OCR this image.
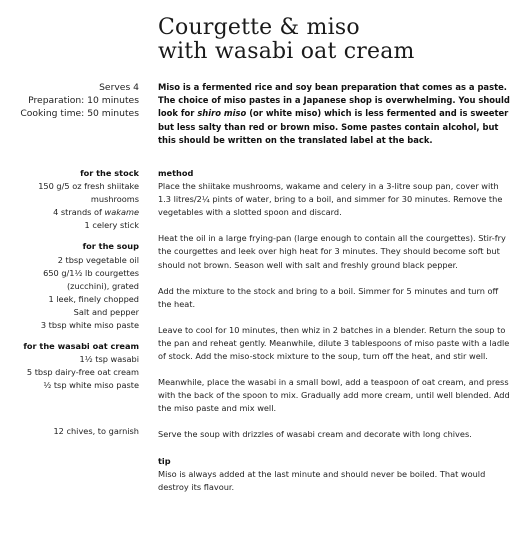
Courgette & miso
with wasabi oat cream
Serves 4
Preparation: 10 minutes
Cooking time: 50 minutes
Miso is a fermented rice and soy bean preparation that comes as a paste. The choice of miso pastes in a Japanese shop is overwhelming. You should look for shiro miso (or white miso) which is less fermented and is sweeter but less salty than red or brown miso. Some pastes contain alcohol, but this should be written on the translated label at the back.
for the stock
150 g/5 oz fresh shiitake
mushrooms
4 strands of wakame
1 celery stick
for the soup
2 tbsp vegetable oil
650 g/1½ lb courgettes
(zucchini), grated
1 leek, finely chopped
Salt and pepper
3 tbsp white miso paste
for the wasabi oat cream
1½ tsp wasabi
5 tbsp dairy-free oat cream
½ tsp white miso paste
12 chives, to garnish
method

Place the shiitake mushrooms, wakame and celery in a 3-litre soup pan, cover with 1.3 litres/2¼ pints of water, bring to a boil, and simmer for 30 minutes. Remove the vegetables with a slotted spoon and discard.

Heat the oil in a large frying-pan (large enough to contain all the courgettes). Stir-fry the courgettes and leek over high heat for 3 minutes. They should become soft but should not brown. Season well with salt and freshly ground black pepper.

Add the mixture to the stock and bring to a boil. Simmer for 5 minutes and turn off the heat.

Leave to cool for 10 minutes, then whiz in 2 batches in a blender. Return the soup to the pan and reheat gently. Meanwhile, dilute 3 tablespoons of miso paste with a ladle of stock. Add the miso-stock mixture to the soup, turn off the heat, and stir well.

Meanwhile, place the wasabi in a small bowl, add a teaspoon of oat cream, and press with the back of the spoon to mix. Gradually add more cream, until well blended. Add the miso paste and mix well.

Serve the soup with drizzles of wasabi cream and decorate with long chives.

tip
Miso is always added at the last minute and should never be boiled. That would destroy its flavour.
